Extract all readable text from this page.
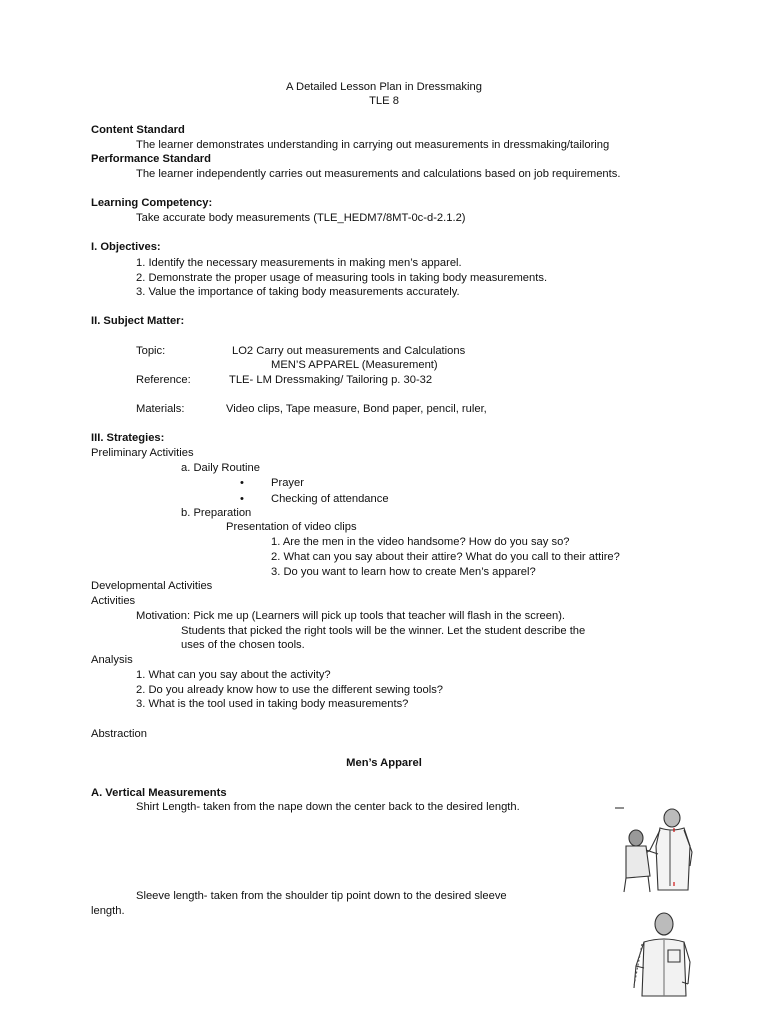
A Detailed Lesson Plan in Dressmaking
TLE 8
Content Standard
The learner demonstrates understanding in carrying out measurements in dressmaking/tailoring
Performance Standard
The learner independently carries out measurements and calculations based on job requirements.
Learning Competency:
Take accurate body measurements (TLE_HEDM7/8MT-0c-d-2.1.2)
I. Objectives:
1. Identify the necessary measurements in making men’s apparel.
2. Demonstrate the proper usage of measuring tools in taking body measurements.
3. Value the importance of taking body measurements accurately.
II. Subject Matter:
Topic:	LO2 Carry out measurements and Calculations
MEN’S APPAREL (Measurement)
Reference:	TLE- LM Dressmaking/ Tailoring p. 30-32
Materials:	Video clips, Tape measure, Bond paper, pencil, ruler,
III. Strategies:
Preliminary Activities
a. Daily Routine
Prayer
•
Checking of attendance
•
b. Preparation
Presentation of video clips
1. Are the men in the video handsome? How do you say so?
2. What can you say about their attire? What do you call to their attire?
3. Do you want to learn how to create Men’s apparel?
Developmental Activities
Activities
Motivation: Pick me up (Learners will pick up tools that teacher will flash in the screen).
Students that picked the right tools will be the winner. Let the student describe the
uses of the chosen tools.
Analysis
1. What can you say about the activity?
2. Do you already know how to use the different sewing tools?
3. What is the tool used in taking body measurements?
Abstraction
Men’s Apparel
A. Vertical Measurements
Shirt Length- taken from the nape down the center back to the desired length.
Sleeve length- taken from the shoulder tip point down to the desired sleeve
length.
